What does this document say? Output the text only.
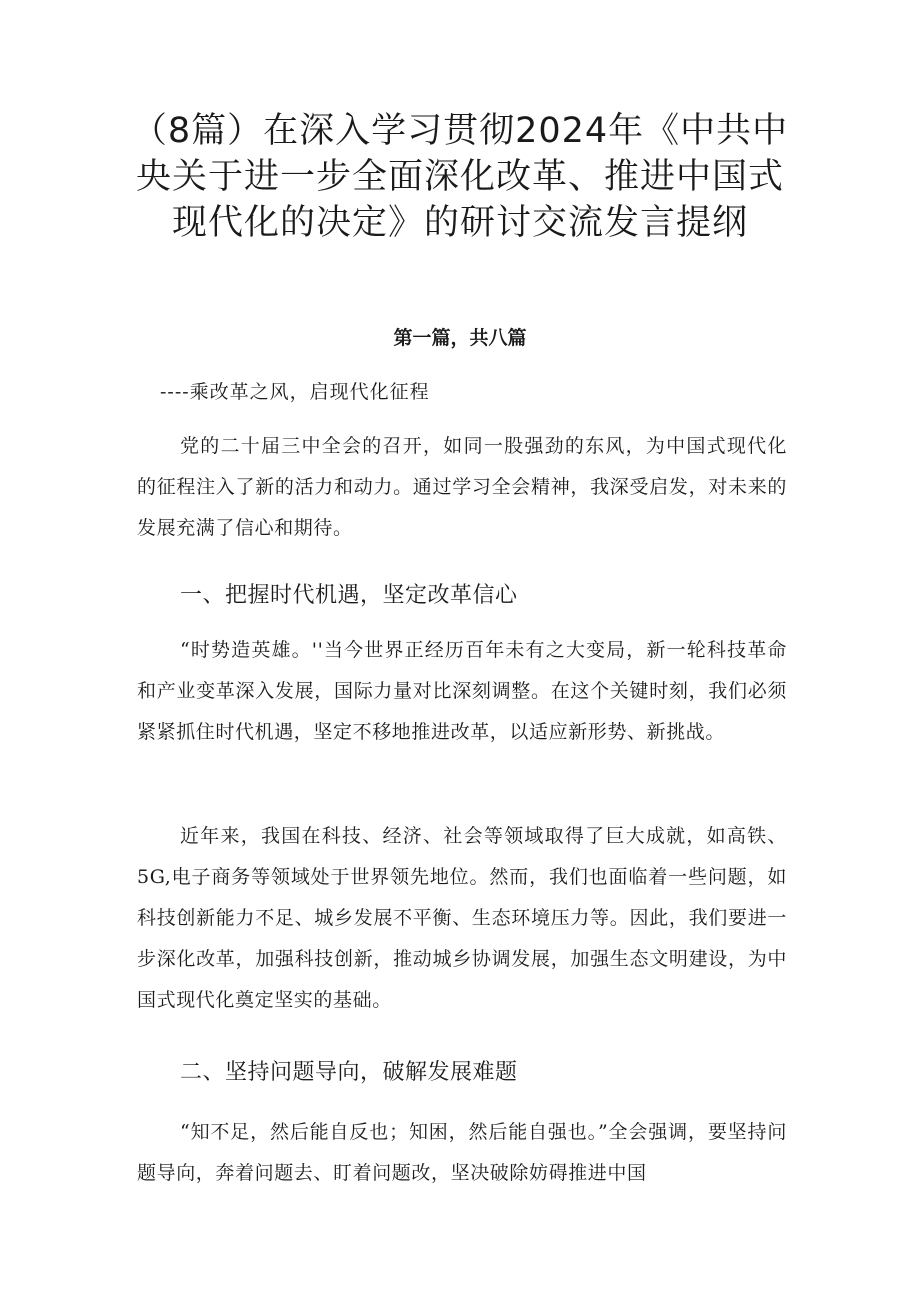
（8篇）在深入学习贯彻2024年《中共中
央关于进一步全面深化改革、推进中国式
现代化的决定》的研讨交流发言提纲
第一篇，共八篇
----乘改革之风，启现代化征程

党的二十届三中全会的召开，如同一股强劲的东风，为中国式现代化的征程注入了新的活力和动力。通过学习全会精神，我深受启发，对未来的发展充满了信心和期待。

一、把握时代机遇，坚定改革信心

“时势造英雄。''当今世界正经历百年未有之大变局，新一轮科技革命和产业变革深入发展，国际力量对比深刻调整。在这个关键时刻，我们必须紧紧抓住时代机遇，坚定不移地推进改革，以适应新形势、新挑战。

近年来，我国在科技、经济、社会等领域取得了巨大成就，如高铁、5G,电子商务等领域处于世界领先地位。然而，我们也面临着一些问题，如科技创新能力不足、城乡发展不平衡、生态环境压力等。因此，我们要进一步深化改革，加强科技创新，推动城乡协调发展，加强生态文明建设，为中国式现代化奠定坚实的基础。

二、坚持问题导向，破解发展难题

“知不足，然后能自反也；知困，然后能自强也。”全会强调，要坚持问题导向，奔着问题去、盯着问题改，坚决破除妨碍推进中国
